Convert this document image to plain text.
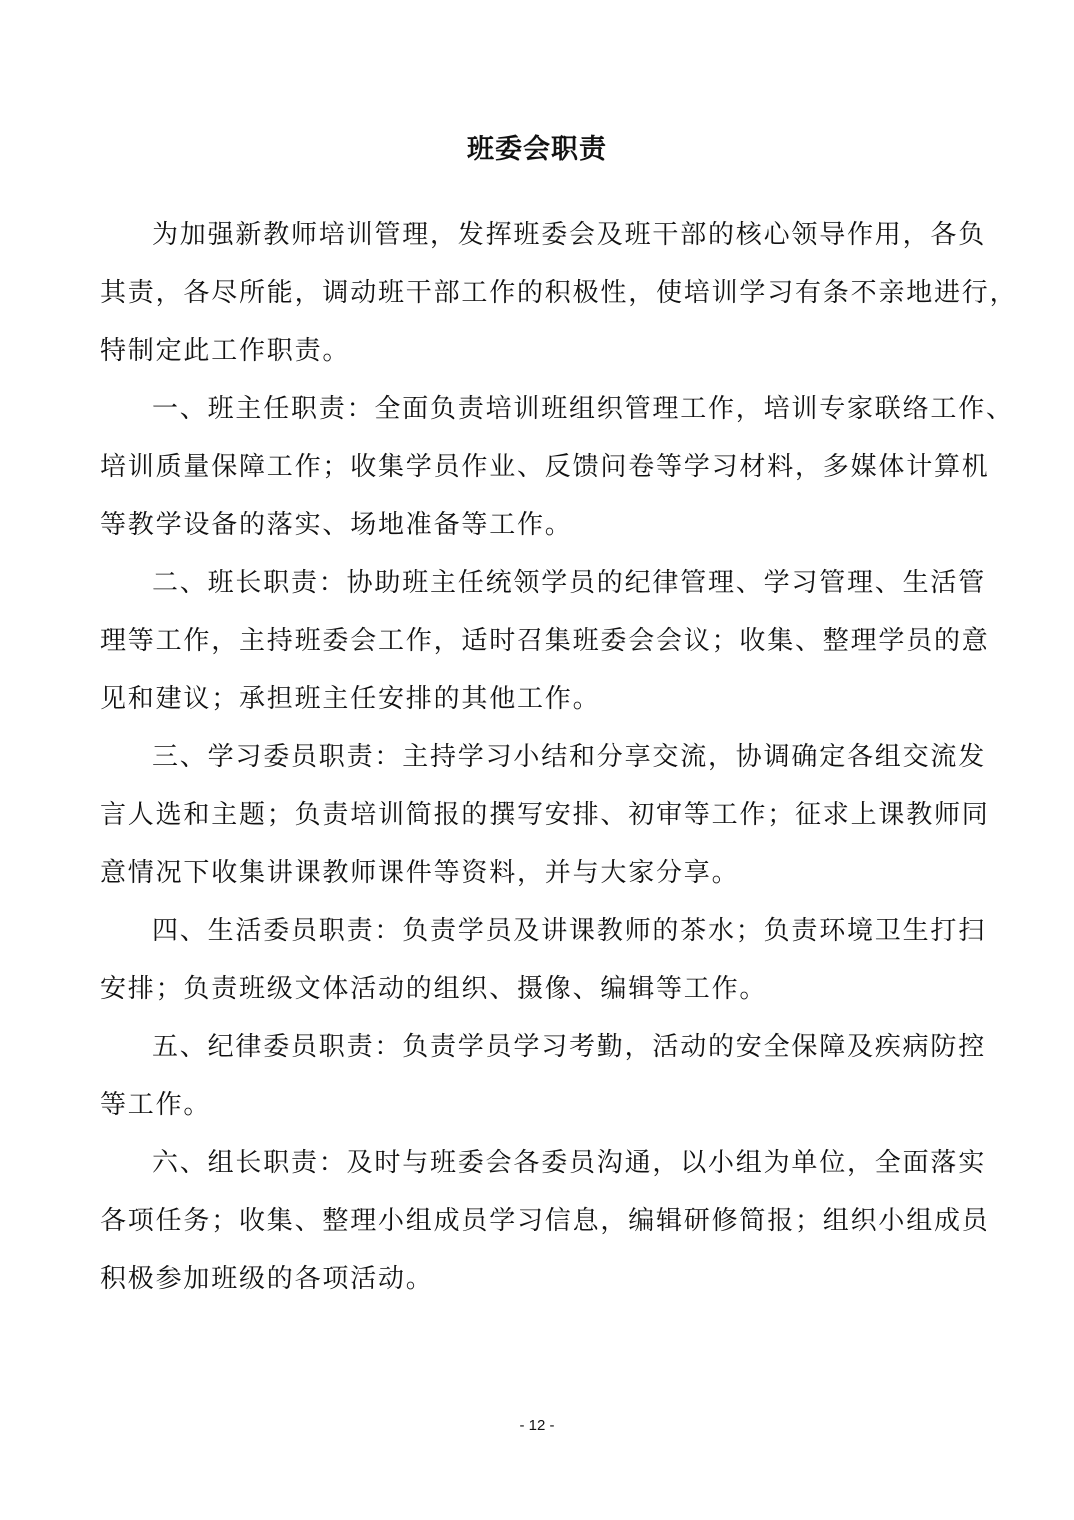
班委会职责
为加强新教师培训管理，发挥班委会及班干部的核心领导作用，各负
其责，各尽所能，调动班干部工作的积极性，使培训学习有条不亲地进行，
特制定此工作职责。
一、班主任职责：全面负责培训班组织管理工作，培训专家联络工作、
培训质量保障工作；收集学员作业、反馈问卷等学习材料，多媒体计算机
等教学设备的落实、场地准备等工作。
二、班长职责：协助班主任统领学员的纪律管理、学习管理、生活管
理等工作，主持班委会工作，适时召集班委会会议；收集、整理学员的意
见和建议；承担班主任安排的其他工作。
三、学习委员职责：主持学习小结和分享交流，协调确定各组交流发
言人选和主题；负责培训简报的撰写安排、初审等工作；征求上课教师同
意情况下收集讲课教师课件等资料，并与大家分享。
四、生活委员职责：负责学员及讲课教师的茶水；负责环境卫生打扫
安排；负责班级文体活动的组织、摄像、编辑等工作。
五、纪律委员职责：负责学员学习考勤，活动的安全保障及疾病防控
等工作。
六、组长职责：及时与班委会各委员沟通，以小组为单位，全面落实
各项任务；收集、整理小组成员学习信息，编辑研修简报；组织小组成员
积极参加班级的各项活动。
- 12 -
